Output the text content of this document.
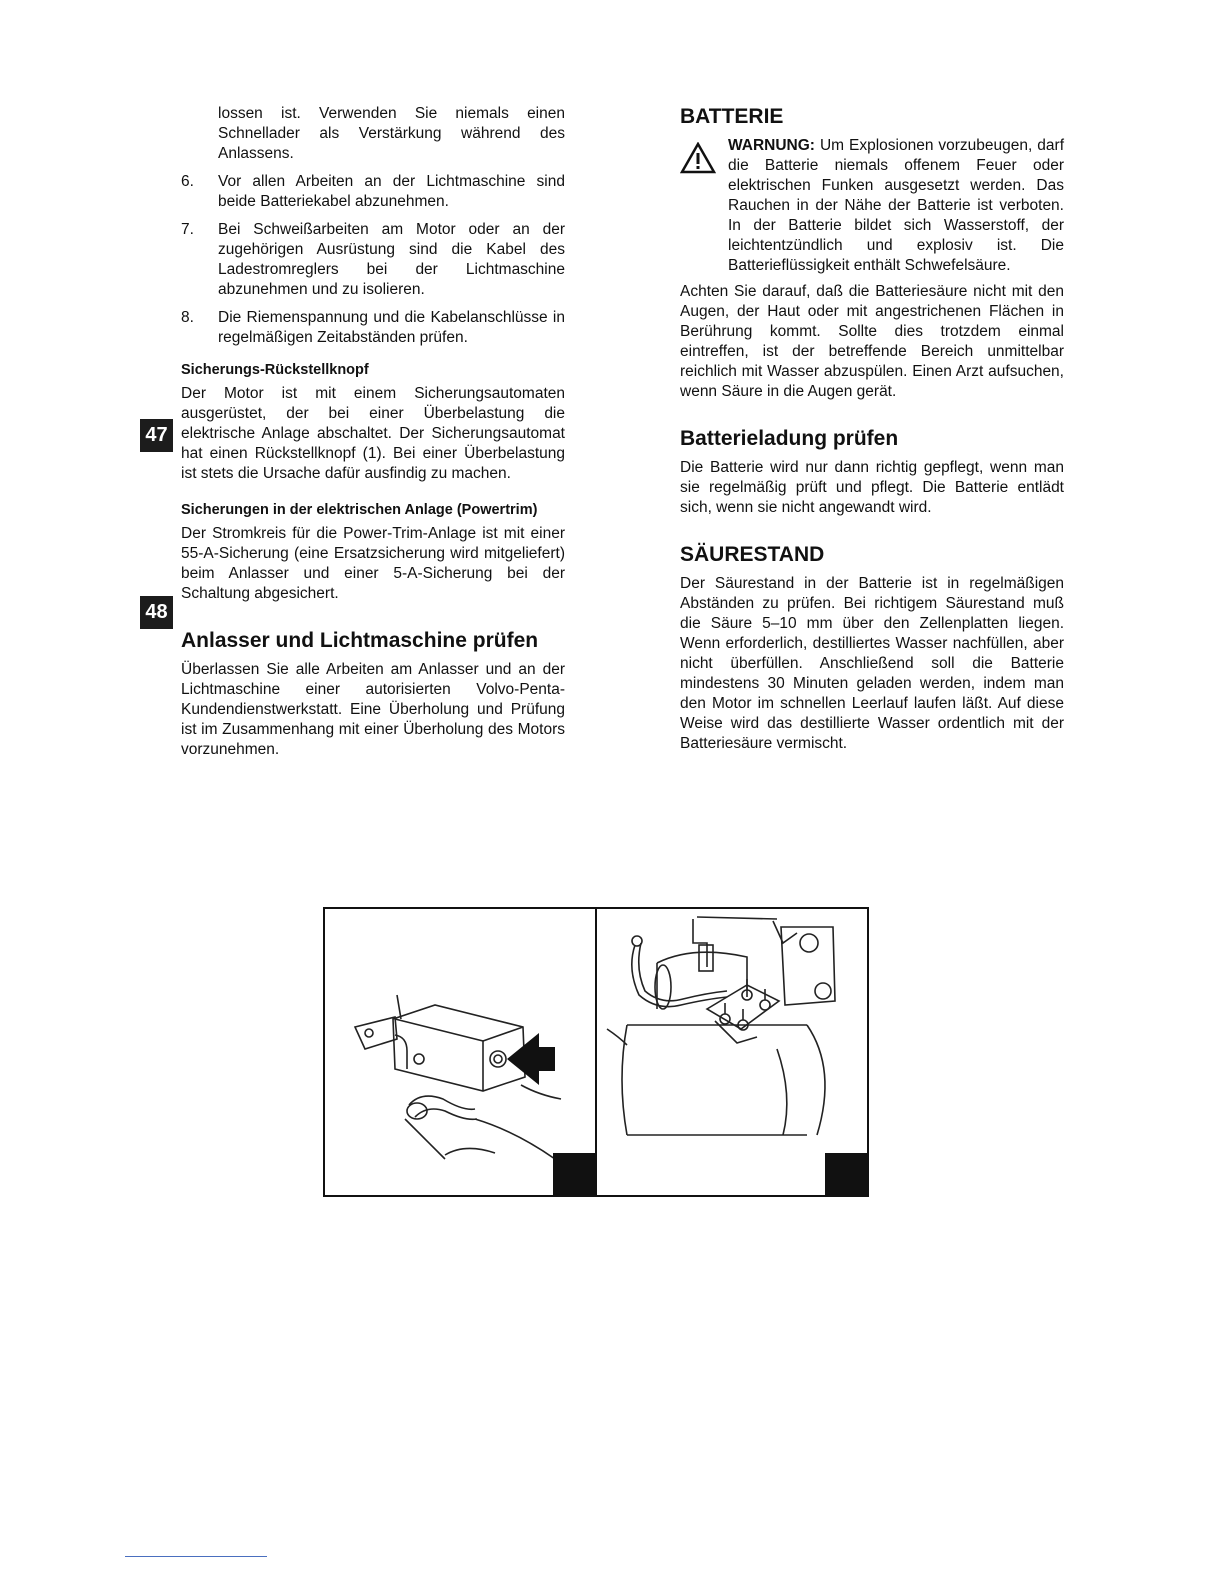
47
48

lossen ist. Verwenden Sie niemals einen Schnellader als Verstärkung während des Anlassens.

6.	Vor allen Arbeiten an der Lichtmaschine sind beide Batteriekabel abzunehmen.

7.	Bei Schweißarbeiten am Motor oder an der zugehörigen Ausrüstung sind die Kabel des Ladestromreglers bei der Lichtmaschine abzunehmen und zu isolieren.

8.	Die Riemenspannung und die Kabelanschlüsse in regelmäßigen Zeitabständen prüfen.

Sicherungs-Rückstellknopf

Der Motor ist mit einem Sicherungsautomaten ausgerüstet, der bei einer Überbelastung die elektrische Anlage abschaltet. Der Sicherungsautomat hat einen Rückstellknopf (1). Bei einer Überbelastung ist stets die Ursache dafür ausfindig zu machen.

Sicherungen in der elektrischen Anlage (Powertrim)

Der Stromkreis für die Power-Trim-Anlage ist mit einer 55-A-Sicherung (eine Ersatzsicherung wird mitgeliefert) beim Anlasser und einer 5-A-Sicherung bei der Schaltung abgesichert.

Anlasser und Lichtmaschine prüfen

Überlassen Sie alle Arbeiten am Anlasser und an der Lichtmaschine einer autorisierten Volvo-Penta-Kundendienstwerkstatt. Eine Überholung und Prüfung ist im Zusammenhang mit einer Überholung des Motors vorzunehmen.

BATTERIE

WARNUNG: Um Explosionen vorzubeugen, darf die Batterie niemals offenem Feuer oder elektrischen Funken ausgesetzt werden. Das Rauchen in der Nähe der Batterie ist verboten. In der Batterie bildet sich Wasserstoff, der leichtentzündlich und explosiv ist. Die Batterieflüssigkeit enthält Schwefelsäure.

Achten Sie darauf, daß die Batteriesäure nicht mit den Augen, der Haut oder mit angestrichenen Flächen in Berührung kommt. Sollte dies trotzdem einmal eintreffen, ist der betreffende Bereich unmittelbar reichlich mit Wasser abzuspülen. Einen Arzt aufsuchen, wenn Säure in die Augen gerät.

Batterieladung prüfen

Die Batterie wird nur dann richtig gepflegt, wenn man sie regelmäßig prüft und pflegt. Die Batterie entlädt sich, wenn sie nicht angewandt wird.

SÄURESTAND

Der Säurestand in der Batterie ist in regelmäßigen Abständen zu prüfen. Bei richtigem Säurestand muß die Säure 5–10 mm über den Zellenplatten liegen. Wenn erforderlich, destilliertes Wasser nachfüllen, aber nicht überfüllen. Anschließend soll die Batterie mindestens 30 Minuten geladen werden, indem man den Motor im schnellen Leerlauf laufen läßt. Auf diese Weise wird das destillierte Wasser ordentlich mit der Batteriesäure vermischt.
